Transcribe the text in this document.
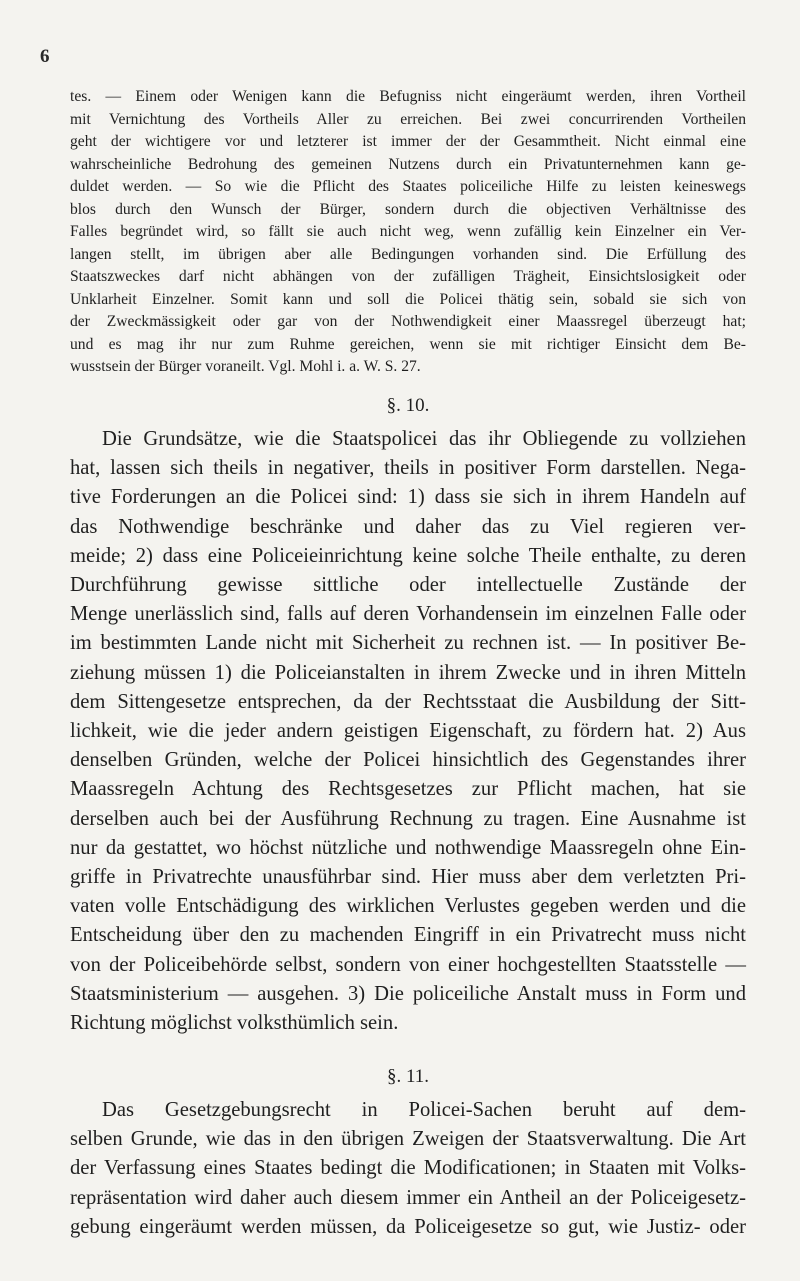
6
tes. — Einem oder Wenigen kann die Befugniss nicht eingeräumt werden, ihren Vortheil
mit Vernichtung des Vortheils Aller zu erreichen. Bei zwei concurrirenden Vortheilen
geht der wichtigere vor und letzterer ist immer der der Gesammtheit. Nicht einmal eine
wahrscheinliche Bedrohung des gemeinen Nutzens durch ein Privatunternehmen kann ge-
duldet werden. — So wie die Pflicht des Staates policeiliche Hilfe zu leisten keineswegs
blos durch den Wunsch der Bürger, sondern durch die objectiven Verhältnisse des
Falles begründet wird, so fällt sie auch nicht weg, wenn zufällig kein Einzelner ein Ver-
langen stellt, im übrigen aber alle Bedingungen vorhanden sind. Die Erfüllung des
Staatszweckes darf nicht abhängen von der zufälligen Trägheit, Einsichtslosigkeit oder
Unklarheit Einzelner. Somit kann und soll die Policei thätig sein, sobald sie sich von
der Zweckmässigkeit oder gar von der Nothwendigkeit einer Maassregel überzeugt hat;
und es mag ihr nur zum Ruhme gereichen, wenn sie mit richtiger Einsicht dem Be-
wusstsein der Bürger voraneilt. Vgl. Mohl i. a. W. S. 27.
§. 10.
Die Grundsätze, wie die Staatspolicei das ihr Obliegende zu vollziehen
hat, lassen sich theils in negativer, theils in positiver Form darstellen. Nega-
tive Forderungen an die Policei sind: 1) dass sie sich in ihrem Handeln auf
das Nothwendige beschränke und daher das zu Viel regieren ver-
meide; 2) dass eine Policeieinrichtung keine solche Theile enthalte, zu deren
Durchführung gewisse sittliche oder intellectuelle Zustände der
Menge unerlässlich sind, falls auf deren Vorhandensein im einzelnen Falle oder
im bestimmten Lande nicht mit Sicherheit zu rechnen ist. — In positiver Be-
ziehung müssen 1) die Policeianstalten in ihrem Zwecke und in ihren Mitteln
dem Sittengesetze entsprechen, da der Rechtsstaat die Ausbildung der Sitt-
lichkeit, wie die jeder andern geistigen Eigenschaft, zu fördern hat. 2) Aus
denselben Gründen, welche der Policei hinsichtlich des Gegenstandes ihrer
Maassregeln Achtung des Rechtsgesetzes zur Pflicht machen, hat sie
derselben auch bei der Ausführung Rechnung zu tragen. Eine Ausnahme ist
nur da gestattet, wo höchst nützliche und nothwendige Maassregeln ohne Ein-
griffe in Privatrechte unausführbar sind. Hier muss aber dem verletzten Pri-
vaten volle Entschädigung des wirklichen Verlustes gegeben werden und die
Entscheidung über den zu machenden Eingriff in ein Privatrecht muss nicht
von der Policeibehörde selbst, sondern von einer hochgestellten Staatsstelle —
Staatsministerium — ausgehen. 3) Die policeiliche Anstalt muss in Form und
Richtung möglichst volksthümlich sein.
§. 11.
Das Gesetzgebungsrecht in Policei-Sachen beruht auf dem-
selben Grunde, wie das in den übrigen Zweigen der Staatsverwaltung. Die Art
der Verfassung eines Staates bedingt die Modificationen; in Staaten mit Volks-
repräsentation wird daher auch diesem immer ein Antheil an der Policeigesetz-
gebung eingeräumt werden müssen, da Policeigesetze so gut, wie Justiz- oder
